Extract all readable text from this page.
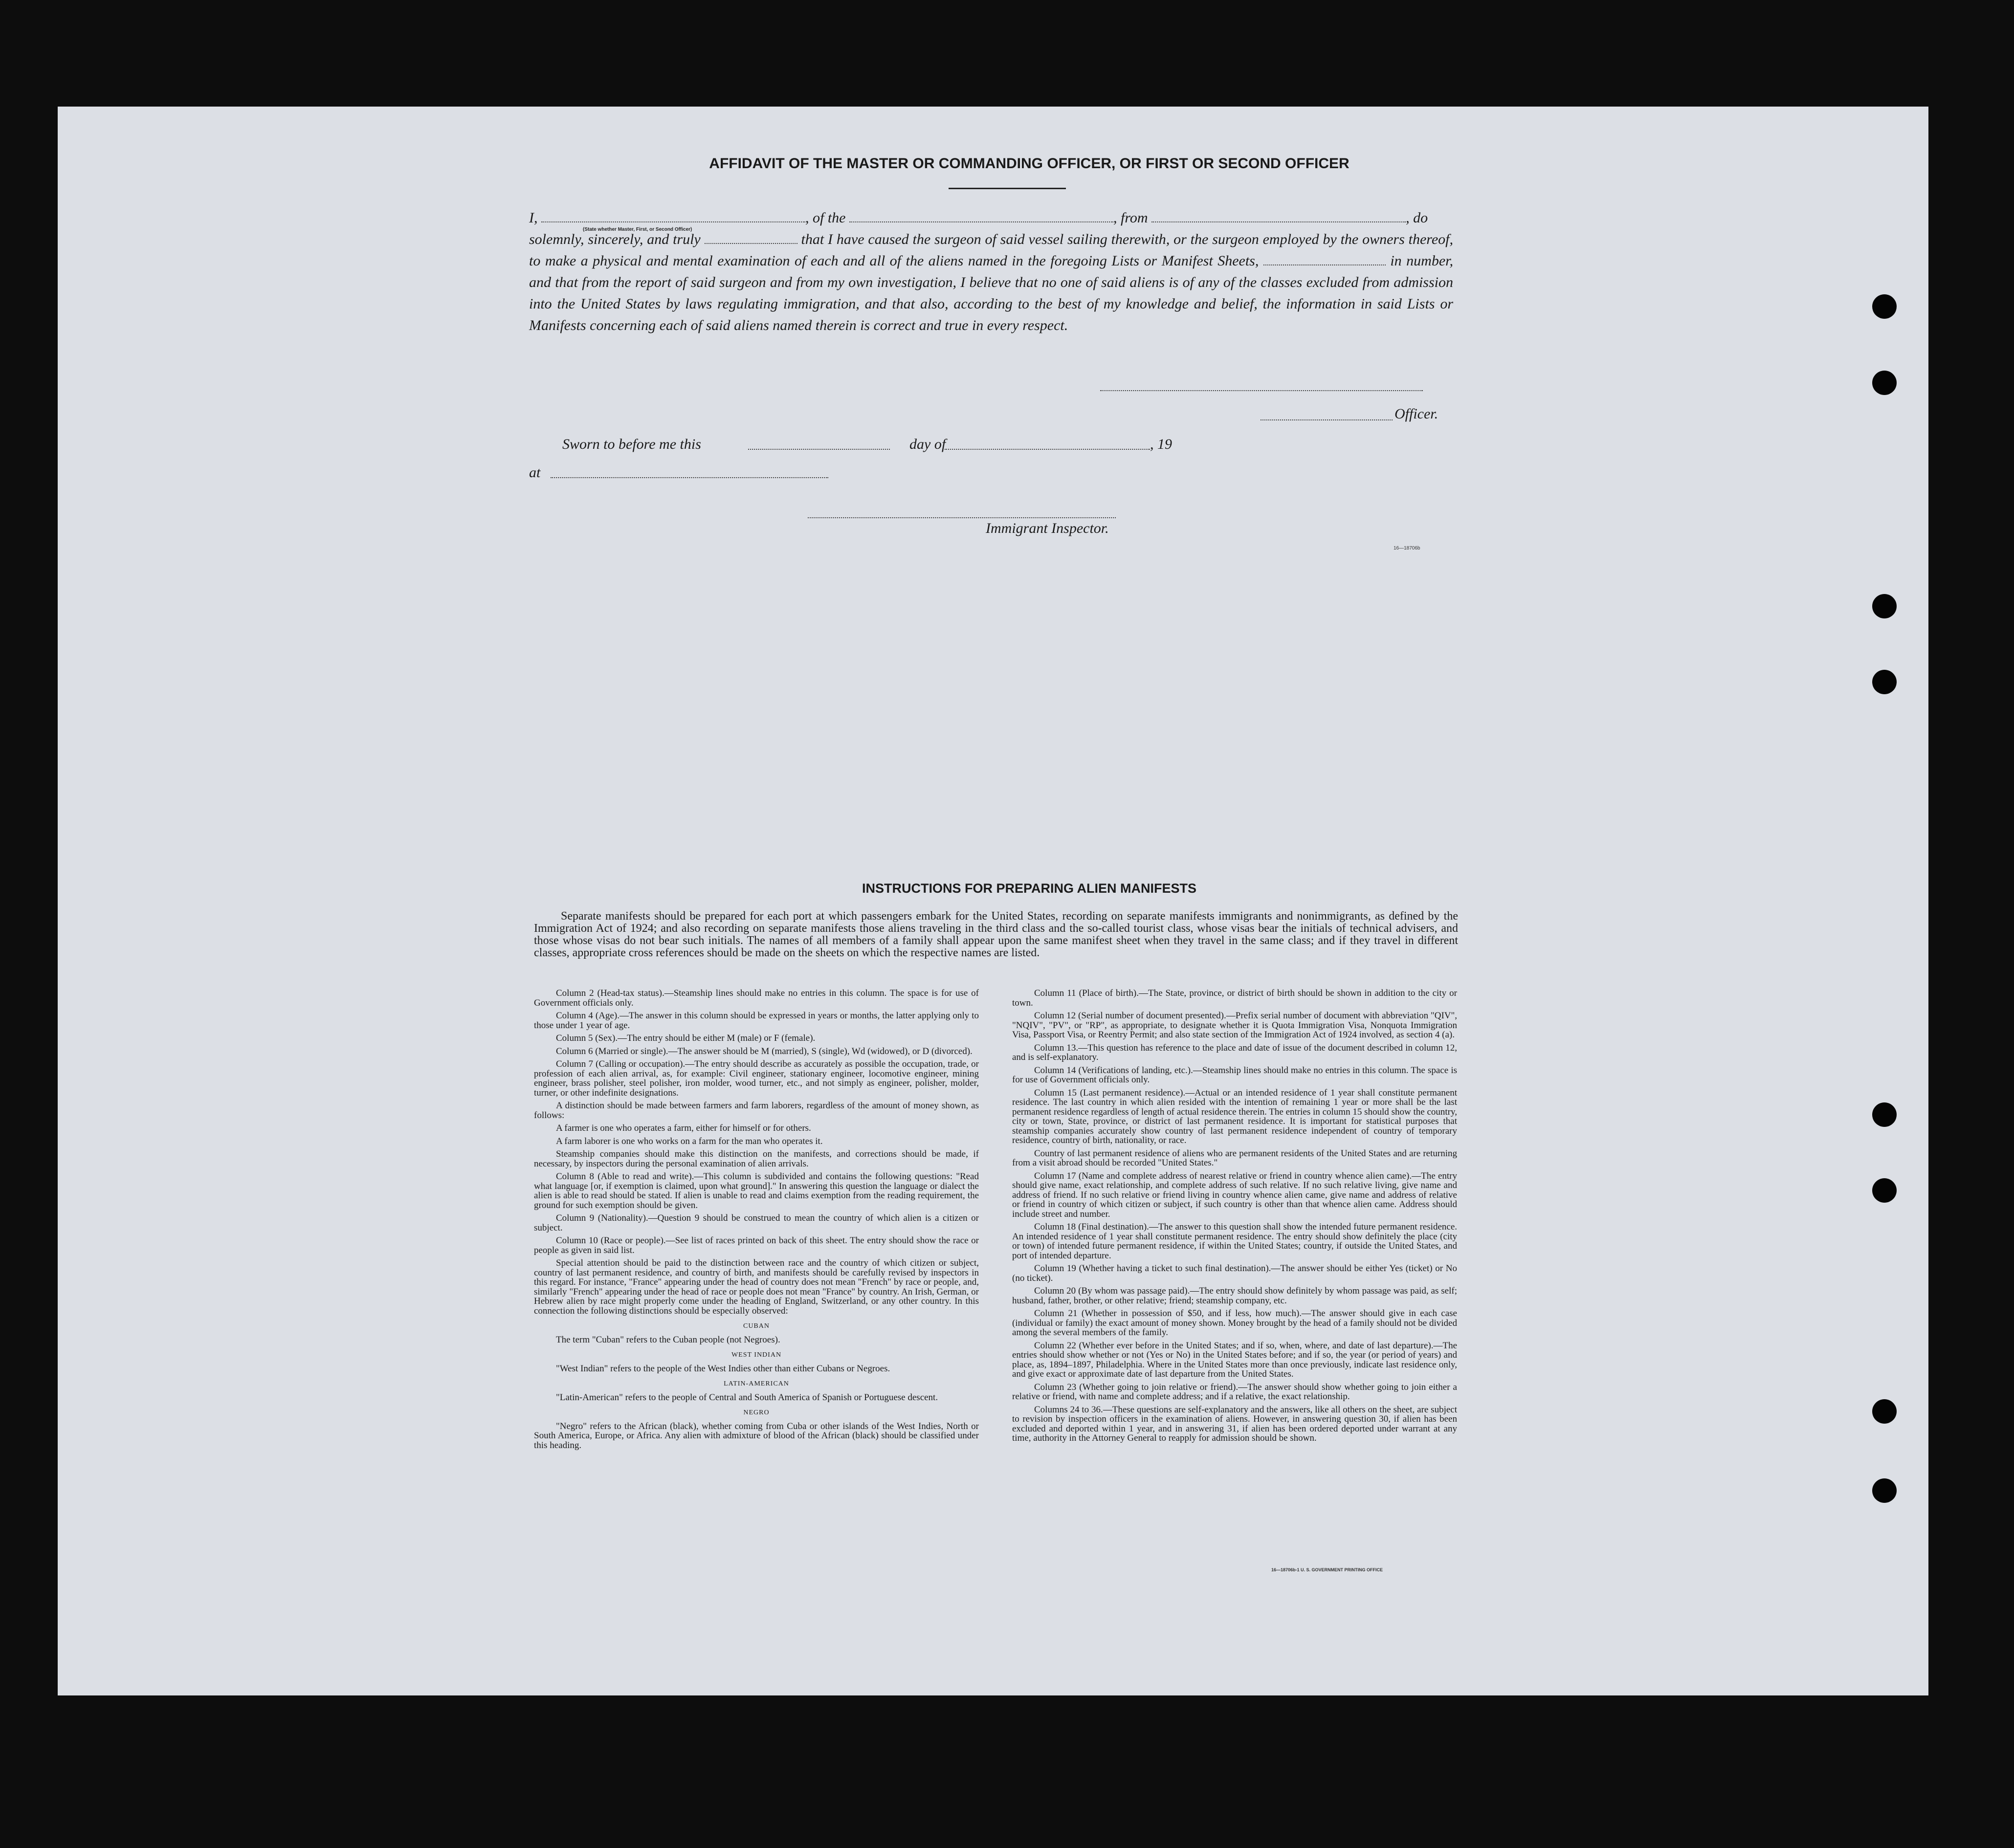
AFFIDAVIT OF THE MASTER OR COMMANDING OFFICER, OR FIRST OR SECOND OFFICER

I,	, of the	, from	, do
(State whether Master, First, or Second Officer)
solemnly, sincerely, and truly	that I have caused the surgeon of said vessel sailing therewith, or the surgeon employed by the owners thereof, to make a physical and mental examination of each and all of the aliens named in the foregoing Lists or Manifest Sheets,	in number, and that from the report of said surgeon and from my own investigation, I believe that no one of said aliens is of any of the classes excluded from admission into the United States by laws regulating immigration, and that also, according to the best of my knowledge and belief, the information in said Lists or Manifests concerning each of said aliens named therein is correct and true in every respect.

Officer.
Sworn to before me this	day of	, 19
at
Immigrant Inspector.
16—18706b
INSTRUCTIONS FOR PREPARING ALIEN MANIFESTS

Separate manifests should be prepared for each port at which passengers embark for the United States, recording on separate manifests immigrants and nonimmigrants, as defined by the Immigration Act of 1924; and also recording on separate manifests those aliens traveling in the third class and the so-called tourist class, whose visas bear the initials of technical advisers, and those whose visas do not bear such initials. The names of all members of a family shall appear upon the same manifest sheet when they travel in the same class; and if they travel in different classes, appropriate cross references should be made on the sheets on which the respective names are listed.

Column 2 (Head-tax status).—Steamship lines should make no entries in this column. The space is for use of Government officials only.

Column 4 (Age).—The answer in this column should be expressed in years or months, the latter applying only to those under 1 year of age.

Column 5 (Sex).—The entry should be either M (male) or F (female).

Column 6 (Married or single).—The answer should be M (married), S (single), Wd (widowed), or D (divorced).

Column 7 (Calling or occupation).—The entry should describe as accurately as possible the occupation, trade, or profession of each alien arrival, as, for example: Civil engineer, stationary engineer, locomotive engineer, mining engineer, brass polisher, steel polisher, iron molder, wood turner, etc., and not simply as engineer, polisher, molder, turner, or other indefinite designations.

A distinction should be made between farmers and farm laborers, regardless of the amount of money shown, as follows:

A farmer is one who operates a farm, either for himself or for others.

A farm laborer is one who works on a farm for the man who operates it.

Steamship companies should make this distinction on the manifests, and corrections should be made, if necessary, by inspectors during the personal examination of alien arrivals.

Column 8 (Able to read and write).—This column is subdivided and contains the following questions: "Read what language [or, if exemption is claimed, upon what ground]." In answering this question the language or dialect the alien is able to read should be stated. If alien is unable to read and claims exemption from the reading requirement, the ground for such exemption should be given.

Column 9 (Nationality).—Question 9 should be construed to mean the country of which alien is a citizen or subject.

Column 10 (Race or people).—See list of races printed on back of this sheet. The entry should show the race or people as given in said list.

Special attention should be paid to the distinction between race and the country of which citizen or subject, country of last permanent residence, and country of birth, and manifests should be carefully revised by inspectors in this regard. For instance, "France" appearing under the head of country does not mean "French" by race or people, and, similarly "French" appearing under the head of race or people does not mean "France" by country. An Irish, German, or Hebrew alien by race might properly come under the heading of England, Switzerland, or any other country. In this connection the following distinctions should be especially observed:

CUBAN

The term "Cuban" refers to the Cuban people (not Negroes).

WEST INDIAN

"West Indian" refers to the people of the West Indies other than either Cubans or Negroes.

LATIN-AMERICAN

"Latin-American" refers to the people of Central and South America of Spanish or Portuguese descent.

NEGRO

"Negro" refers to the African (black), whether coming from Cuba or other islands of the West Indies, North or South America, Europe, or Africa. Any alien with admixture of blood of the African (black) should be classified under this heading.

Column 11 (Place of birth).—The State, province, or district of birth should be shown in addition to the city or town.

Column 12 (Serial number of document presented).—Prefix serial number of document with abbreviation "QIV", "NQIV", "PV", or "RP", as appropriate, to designate whether it is Quota Immigration Visa, Nonquota Immigration Visa, Passport Visa, or Reentry Permit; and also state section of the Immigration Act of 1924 involved, as section 4 (a).

Column 13.—This question has reference to the place and date of issue of the document described in column 12, and is self-explanatory.

Column 14 (Verifications of landing, etc.).—Steamship lines should make no entries in this column. The space is for use of Government officials only.

Column 15 (Last permanent residence).—Actual or an intended residence of 1 year shall constitute permanent residence. The last country in which alien resided with the intention of remaining 1 year or more shall be the last permanent residence regardless of length of actual residence therein. The entries in column 15 should show the country, city or town, State, province, or district of last permanent residence. It is important for statistical purposes that steamship companies accurately show country of last permanent residence independent of country of temporary residence, country of birth, nationality, or race.

Country of last permanent residence of aliens who are permanent residents of the United States and are returning from a visit abroad should be recorded "United States."

Column 17 (Name and complete address of nearest relative or friend in country whence alien came).—The entry should give name, exact relationship, and complete address of such relative. If no such relative living, give name and address of friend. If no such relative or friend living in country whence alien came, give name and address of relative or friend in country of which citizen or subject, if such country is other than that whence alien came. Address should include street and number.

Column 18 (Final destination).—The answer to this question shall show the intended future permanent residence. An intended residence of 1 year shall constitute permanent residence. The entry should show definitely the place (city or town) of intended future permanent residence, if within the United States; country, if outside the United States, and port of intended departure.

Column 19 (Whether having a ticket to such final destination).—The answer should be either Yes (ticket) or No (no ticket).

Column 20 (By whom was passage paid).—The entry should show definitely by whom passage was paid, as self; husband, father, brother, or other relative; friend; steamship company, etc.

Column 21 (Whether in possession of $50, and if less, how much).—The answer should give in each case (individual or family) the exact amount of money shown. Money brought by the head of a family should not be divided among the several members of the family.

Column 22 (Whether ever before in the United States; and if so, when, where, and date of last departure).—The entries should show whether or not (Yes or No) in the United States before; and if so, the year (or period of years) and place, as, 1894–1897, Philadelphia. Where in the United States more than once previously, indicate last residence only, and give exact or approximate date of last departure from the United States.

Column 23 (Whether going to join relative or friend).—The answer should show whether going to join either a relative or friend, with name and complete address; and if a relative, the exact relationship.

Columns 24 to 36.—These questions are self-explanatory and the answers, like all others on the sheet, are subject to revision by inspection officers in the examination of aliens. However, in answering question 30, if alien has been excluded and deported within 1 year, and in answering 31, if alien has been ordered deported under warrant at any time, authority in the Attorney General to reapply for admission should be shown.

16—18706b-1 U. S. GOVERNMENT PRINTING OFFICE
